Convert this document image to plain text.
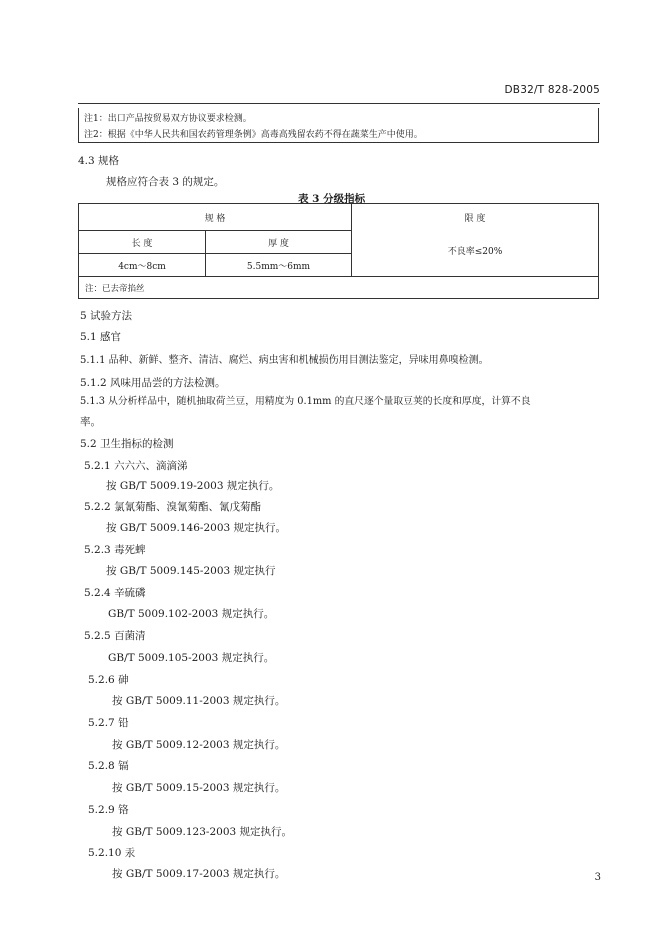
DB32/T 828-2005
注1：出口产品按贸易双方协议要求检测。
注2：根据《中华人民共和国农药管理条例》高毒高残留农药不得在蔬菜生产中使用。
4.3 规格
规格应符合表 3 的规定。
表 3 分级指标
规 格		限 度
不良率≤20%

长 度	厚 度	
4cm～8cm	5.5mm～6mm	
注：已去帝掐丝		
5 试验方法
5.1 感官
5.1.1 品种、新鲜、整齐、清洁、腐烂、病虫害和机械损伤用目测法鉴定，异味用鼻嗅检测。
5.1.2 风味用品尝的方法检测。
5.1.3 从分析样品中，随机抽取荷兰豆，用精度为 0.1mm 的直尺逐个量取豆荚的长度和厚度，计算不良
率。
5.2 卫生指标的检测
5.2.1 六六六、滴滴涕
按 GB/T 5009.19-2003 规定执行。
5.2.2 氯氰菊酯、溴氰菊酯、氰戊菊酯
按 GB/T 5009.146-2003 规定执行。
5.2.3 毒死蜱
按 GB/T 5009.145-2003 规定执行
5.2.4 辛硫磷
GB/T 5009.102-2003 规定执行。
5.2.5 百菌清
GB/T 5009.105-2003 规定执行。
5.2.6 砷
按 GB/T 5009.11-2003 规定执行。
5.2.7 铅
按 GB/T 5009.12-2003 规定执行。
5.2.8 镉
按 GB/T 5009.15-2003 规定执行。
5.2.9 铬
按 GB/T 5009.123-2003 规定执行。
5.2.10 汞
按 GB/T 5009.17-2003 规定执行。	3
